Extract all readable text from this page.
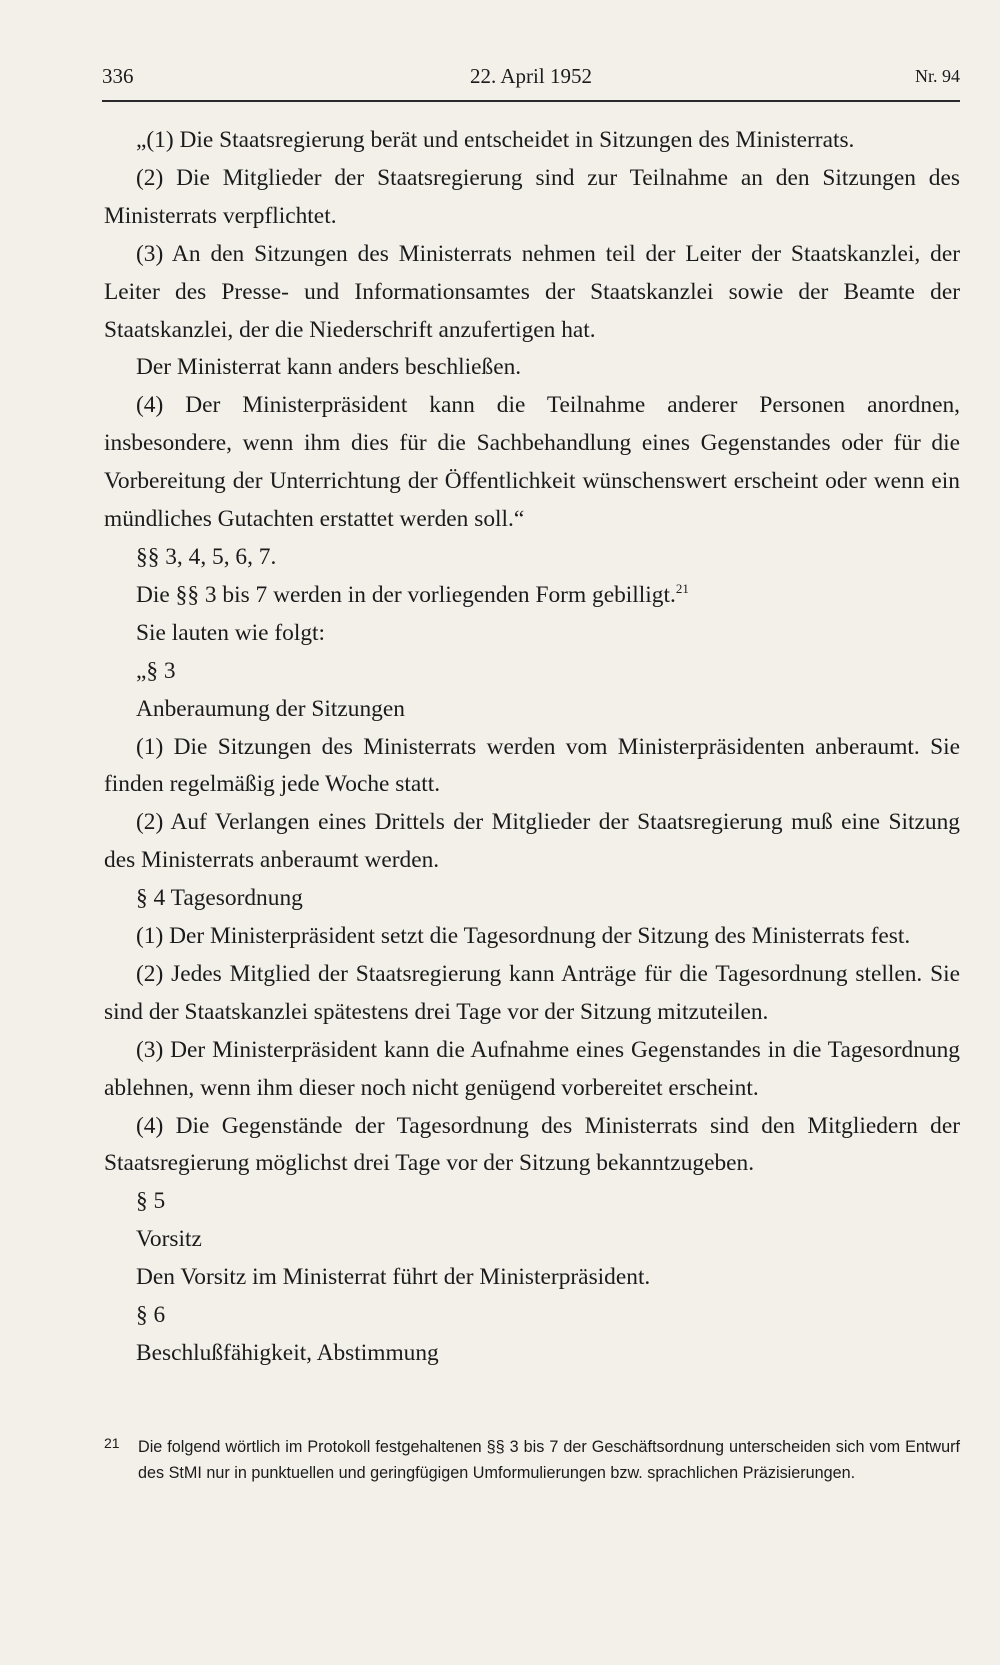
336	22. April 1952	Nr. 94

„(1) Die Staatsregierung berät und entscheidet in Sitzungen des Ministerrats.

(2) Die Mitglieder der Staatsregierung sind zur Teilnahme an den Sitzungen des Ministerrats verpflichtet.

(3) An den Sitzungen des Ministerrats nehmen teil der Leiter der Staatskanzlei, der Leiter des Presse- und Informationsamtes der Staatskanzlei sowie der Beamte der Staatskanzlei, der die Niederschrift anzufertigen hat.

Der Ministerrat kann anders beschließen.

(4) Der Ministerpräsident kann die Teilnahme anderer Personen anordnen, insbesondere, wenn ihm dies für die Sachbehandlung eines Gegenstandes oder für die Vorbereitung der Unterrichtung der Öffentlichkeit wünschenswert erscheint oder wenn ein mündliches Gutachten erstattet werden soll.“

§§ 3, 4, 5, 6, 7.

Die §§ 3 bis 7 werden in der vorliegenden Form gebilligt.$^{21}$

Sie lauten wie folgt:

„§ 3

Anberaumung der Sitzungen

(1) Die Sitzungen des Ministerrats werden vom Ministerpräsidenten anberaumt. Sie finden regelmäßig jede Woche statt.

(2) Auf Verlangen eines Drittels der Mitglieder der Staatsregierung muß eine Sitzung des Ministerrats anberaumt werden.

§ 4 Tagesordnung

(1) Der Ministerpräsident setzt die Tagesordnung der Sitzung des Ministerrats fest.

(2) Jedes Mitglied der Staatsregierung kann Anträge für die Tagesordnung stellen. Sie sind der Staatskanzlei spätestens drei Tage vor der Sitzung mitzuteilen.

(3) Der Ministerpräsident kann die Aufnahme eines Gegenstandes in die Tagesordnung ablehnen, wenn ihm dieser noch nicht genügend vorbereitet erscheint.

(4) Die Gegenstände der Tagesordnung des Ministerrats sind den Mitgliedern der Staatsregierung möglichst drei Tage vor der Sitzung bekanntzugeben.

§ 5

Vorsitz

Den Vorsitz im Ministerrat führt der Ministerpräsident.

§ 6

Beschlußfähigkeit, Abstimmung

21 Die folgend wörtlich im Protokoll festgehaltenen §§ 3 bis 7 der Geschäftsordnung unterscheiden sich vom Entwurf des StMI nur in punktuellen und geringfügigen Umformulierungen bzw. sprachlichen Präzisierungen.
